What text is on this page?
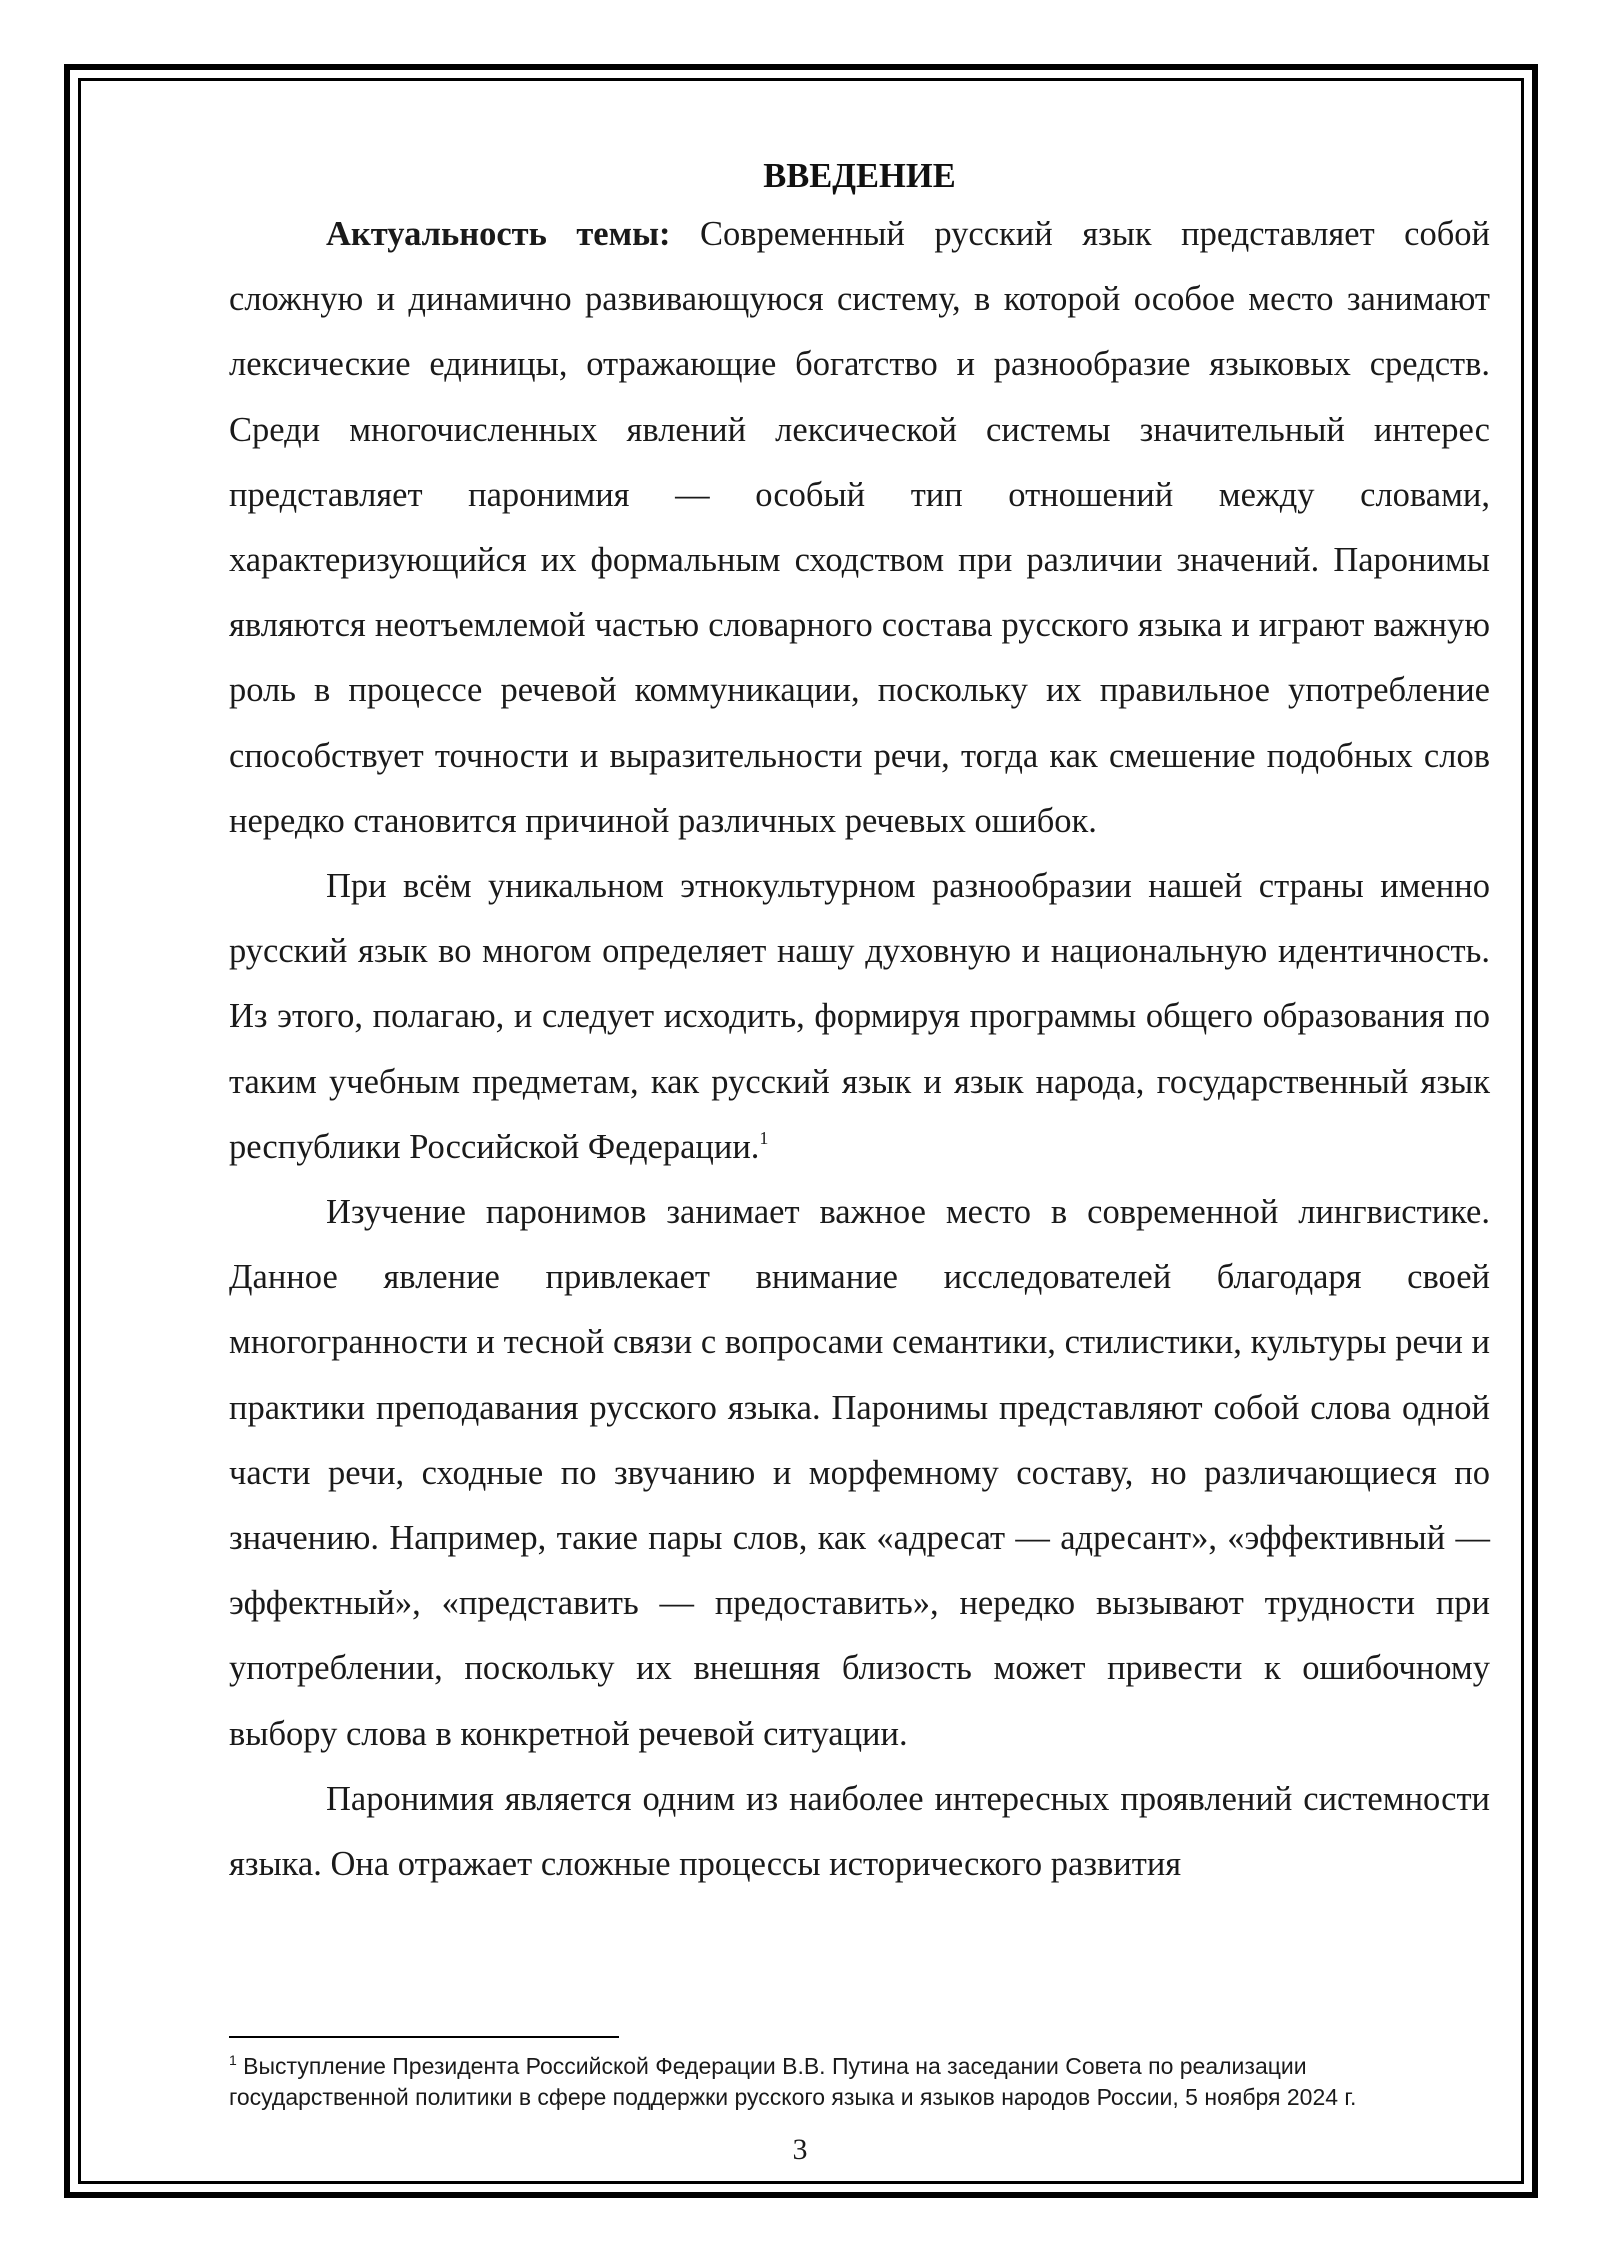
ВВЕДЕНИЕ

Актуальность темы: Современный русский язык представляет собой сложную и динамично развивающуюся систему, в которой особое место занимают лексические единицы, отражающие богатство и разнообразие языковых средств. Среди многочисленных явлений лексической системы значительный интерес представляет паронимия — особый тип отношений между словами, характеризующийся их формальным сходством при различии значений. Паронимы являются неотъемлемой частью словарного состава русского языка и играют важную роль в процессе речевой коммуникации, поскольку их правильное употребление способствует точности и выразительности речи, тогда как смешение подобных слов нередко становится причиной различных речевых ошибок.

При всём уникальном этнокультурном разнообразии нашей страны именно русский язык во многом определяет нашу духовную и национальную идентичность. Из этого, полагаю, и следует исходить, формируя программы общего образования по таким учебным предметам, как русский язык и язык народа, государственный язык республики Российской Федерации.$^1$

Изучение паронимов занимает важное место в современной лингвистике. Данное явление привлекает внимание исследователей благодаря своей многогранности и тесной связи с вопросами семантики, стилистики, культуры речи и практики преподавания русского языка. Паронимы представляют собой слова одной части речи, сходные по звучанию и морфемному составу, но различающиеся по значению. Например, такие пары слов, как «адресат — адресант», «эффективный — эффектный», «представить — предоставить», нередко вызывают трудности при употреблении, поскольку их внешняя близость может привести к ошибочному выбору слова в конкретной речевой ситуации.

Паронимия является одним из наиболее интересных проявлений системности языка. Она отражает сложные процессы исторического развития

$^1$ Выступление Президента Российской Федерации В.В. Путина на заседании Совета по реализации государственной политики в сфере поддержки русского языка и языков народов России, 5 ноября 2024 г.

3
